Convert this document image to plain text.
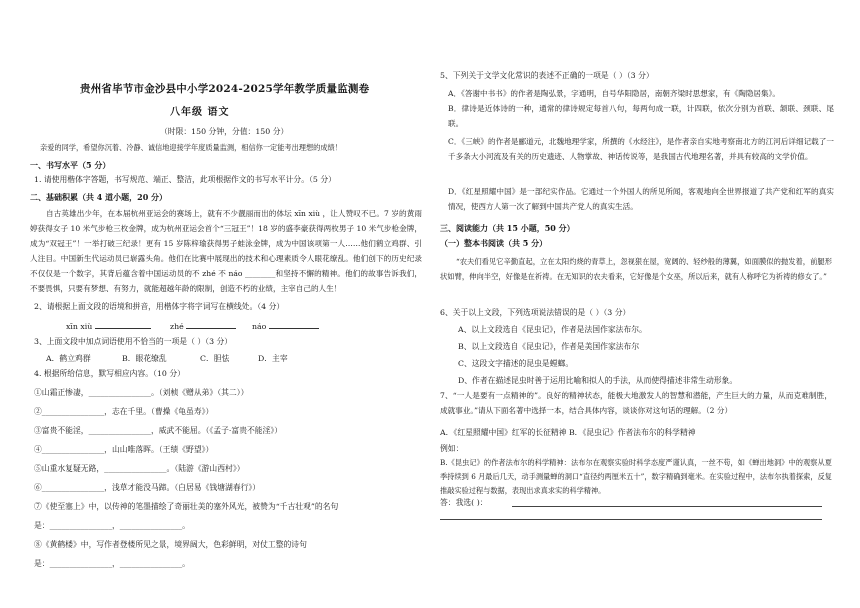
贵州省毕节市金沙县中小学2024-2025学年教学质量监测卷
八年级 语文
（时限：150 分钟，分值：150 分）
亲爱的同学，希望你沉着、冷静、诚信地迎接学年度质量监测，相信你一定能考出理想的成绩！
一、书写水平（5 分）
1. 请使用楷体字答题，书写规范、端正、整洁，此项根据作文的书写水平计分。（5 分）
二、基础积累（共 4 道小题，20 分）
自古英雄出少年，在本届杭州亚运会的赛场上，就有不少靓丽而出的体坛 xīn xiù ，让人赞叹不已。7 岁的黄雨婷获得女子 10 米气步枪三枚金牌，成为杭州亚运会首个“三冠王”！18 岁的盛李豪获得两枚男子 10 米气步枪金牌，成为“双冠王”！一举打破三纪录！更有 15 岁陈梓瑜获得男子蛙泳金牌，成为中国该项第一人……他们鹤立鸡群、引人注目。中国新生代运动员已崭露头角。他们在比赛中展现出的技术和心理素质令人眼花缭乱。他们创下的历史纪录不仅仅是一个数字，其背后蕴含着中国运动员的不 zhé 不 náo ________和坚持不懈的精神。他们的故事告诉我们，不要畏惧，只要有梦想、有努力，就能超越年龄的限制，创造不朽的业绩，主宰自己的人生！
2、请根据上面文段的语境和拼音，用楷体字将字词写在横线处。（4 分）
xīn xiù	zhé	náo
3、上面文段中加点词语使用不恰当的一项是（ ）（3 分）
A．鹤立鸡群	B．眼花缭乱	C．胆怯	D．主宰
4. 根据所给信息，默写相应内容。（10 分）
①山霜正惨凄，________________。（刘桢《赠从弟》（其二））
②________________，志在千里。（曹操《龟虽寿》）
③富贵不能淫，________________，威武不能屈。（《孟子·富贵不能淫》）
④________________，山山唯落晖。（王绩《野望》）
⑤山重水复疑无路，________________。（陆游《游山西村》）
⑥________________，浅草才能没马蹄。（白居易《钱塘湖春行》）
⑦《使至塞上》中，以传神的笔墨描绘了奇丽壮美的塞外风光，被赞为“千古壮观”的名句
是：________________，________________。
⑧《黄鹤楼》中，写作者登楼所见之景，境界阔大，色彩鲜明，对仗工整的诗句
是：________________，________________。
5、下列关于文学文化常识的表述不正确的一项是（ ）（3 分）
A．《答谢中书书》的作者是陶弘景，字通明，自号华阳隐居，南朝齐梁时思想家，有《陶隐居集》。
B．律诗是近体诗的一种，通常的律诗规定每首八句，每两句成一联，计四联，依次分别为首联、颔联、颈联、尾联。
C．《三峡》的作者是郦道元，北魏地理学家，所撰的《水经注》，是作者亲自实地考察南北方的江河后详细记载了一千多条大小河流及有关的历史遗迹、人物掌故、神话传说等，是我国古代地理名著，并具有较高的文学价值。
D．《红星照耀中国》是一部纪实作品。它通过一个外国人的所见所闻，客观地向全世界报道了共产党和红军的真实情况，使西方人第一次了解到中国共产党人的真实生活。
三、阅读能力（共 15 小题，50 分）
（一）整本书阅读（共 5 分）
“农夫们看见它辛勤直起，立在太阳灼烧的青草上，忽视狠在屋，宽阔的、轻纱般的薄翼，如面膜似的抛发着，前腿形状如臂，伸向半空，好像是在祈祷。在无知识的农夫看来，它好像是个女巫，所以后来，就有人称呼它为祈祷的修女了。”
6、关于以上文段，下列选项说法错误的是（ ）（3 分）
A、以上文段选自《昆虫记》，作者是法国作家法布尔。
B、以上文段选自《昆虫记》，作者是美国作家法布尔
C、这段文字描述的昆虫是螳螂。
D、作者在描述昆虫时善于运用比喻和拟人的手法，从而使得描述非常生动形象。
7、“一人是要有一点精神的”。良好的精神状态，能极大地激发人的智慧和潜能，产生巨大的力量，从而克难制胜，成就事业。”请从下面名著中选择一本，结合具体内容，谈谈你对这句话的理解。（2 分）
A．《红星照耀中国》红军的长征精神 B．《昆虫记》作者法布尔的科学精神
例如：
B.《昆虫记》的作者法布尔的科学精神：法布尔在观察实验时科学态度严谨认真，一丝不苟，如《蝉出地洞》中的观察从夏季持续到 6 月最后几天，动手测量蝉的洞口“直径约两厘米五十”，数字精确到毫米。在实验过程中，法布尔执着探索，反复推敲实验过程与数据，表现出求真求实的科学精神。
答：我选( )：
